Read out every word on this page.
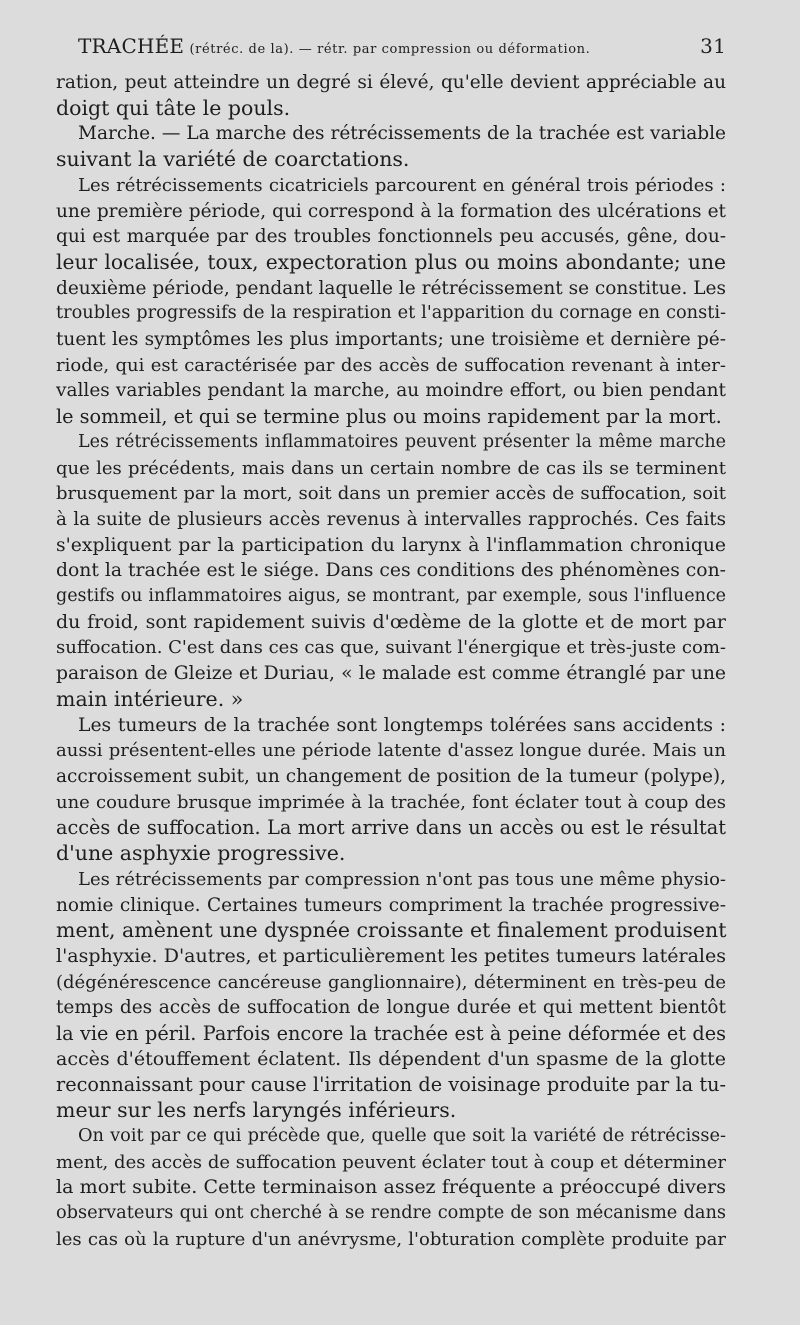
TRACHÉE (rétréc. de la). — rétr. par compression ou déformation.	31

ration, peut atteindre un degré si élevé, qu'elle devient appréciable au
doigt qui tâte le pouls.

Marche. — La marche des rétrécissements de la trachée est variable
suivant la variété de coarctations.

Les rétrécissements cicatriciels parcourent en général trois périodes :
une première période, qui correspond à la formation des ulcérations et
qui est marquée par des troubles fonctionnels peu accusés, gêne, dou-
leur localisée, toux, expectoration plus ou moins abondante; une
deuxième période, pendant laquelle le rétrécissement se constitue. Les
troubles progressifs de la respiration et l'apparition du cornage en consti-
tuent les symptômes les plus importants; une troisième et dernière pé-
riode, qui est caractérisée par des accès de suffocation revenant à inter-
valles variables pendant la marche, au moindre effort, ou bien pendant
le sommeil, et qui se termine plus ou moins rapidement par la mort.

Les rétrécissements inflammatoires peuvent présenter la même marche
que les précédents, mais dans un certain nombre de cas ils se terminent
brusquement par la mort, soit dans un premier accès de suffocation, soit
à la suite de plusieurs accès revenus à intervalles rapprochés. Ces faits
s'expliquent par la participation du larynx à l'inflammation chronique
dont la trachée est le siége. Dans ces conditions des phénomènes con-
gestifs ou inflammatoires aigus, se montrant, par exemple, sous l'influence
du froid, sont rapidement suivis d'œdème de la glotte et de mort par
suffocation. C'est dans ces cas que, suivant l'énergique et très-juste com-
paraison de Gleize et Duriau, « le malade est comme étranglé par une
main intérieure. »

Les tumeurs de la trachée sont longtemps tolérées sans accidents :
aussi présentent-elles une période latente d'assez longue durée. Mais un
accroissement subit, un changement de position de la tumeur (polype),
une coudure brusque imprimée à la trachée, font éclater tout à coup des
accès de suffocation. La mort arrive dans un accès ou est le résultat
d'une asphyxie progressive.

Les rétrécissements par compression n'ont pas tous une même physio-
nomie clinique. Certaines tumeurs compriment la trachée progressive-
ment, amènent une dyspnée croissante et finalement produisent
l'asphyxie. D'autres, et particulièrement les petites tumeurs latérales
(dégénérescence cancéreuse ganglionnaire), déterminent en très-peu de
temps des accès de suffocation de longue durée et qui mettent bientôt
la vie en péril. Parfois encore la trachée est à peine déformée et des
accès d'étouffement éclatent. Ils dépendent d'un spasme de la glotte
reconnaissant pour cause l'irritation de voisinage produite par la tu-
meur sur les nerfs laryngés inférieurs.

On voit par ce qui précède que, quelle que soit la variété de rétrécisse-
ment, des accès de suffocation peuvent éclater tout à coup et déterminer
la mort subite. Cette terminaison assez fréquente a préoccupé divers
observateurs qui ont cherché à se rendre compte de son mécanisme dans
les cas où la rupture d'un anévrysme, l'obturation complète produite par
